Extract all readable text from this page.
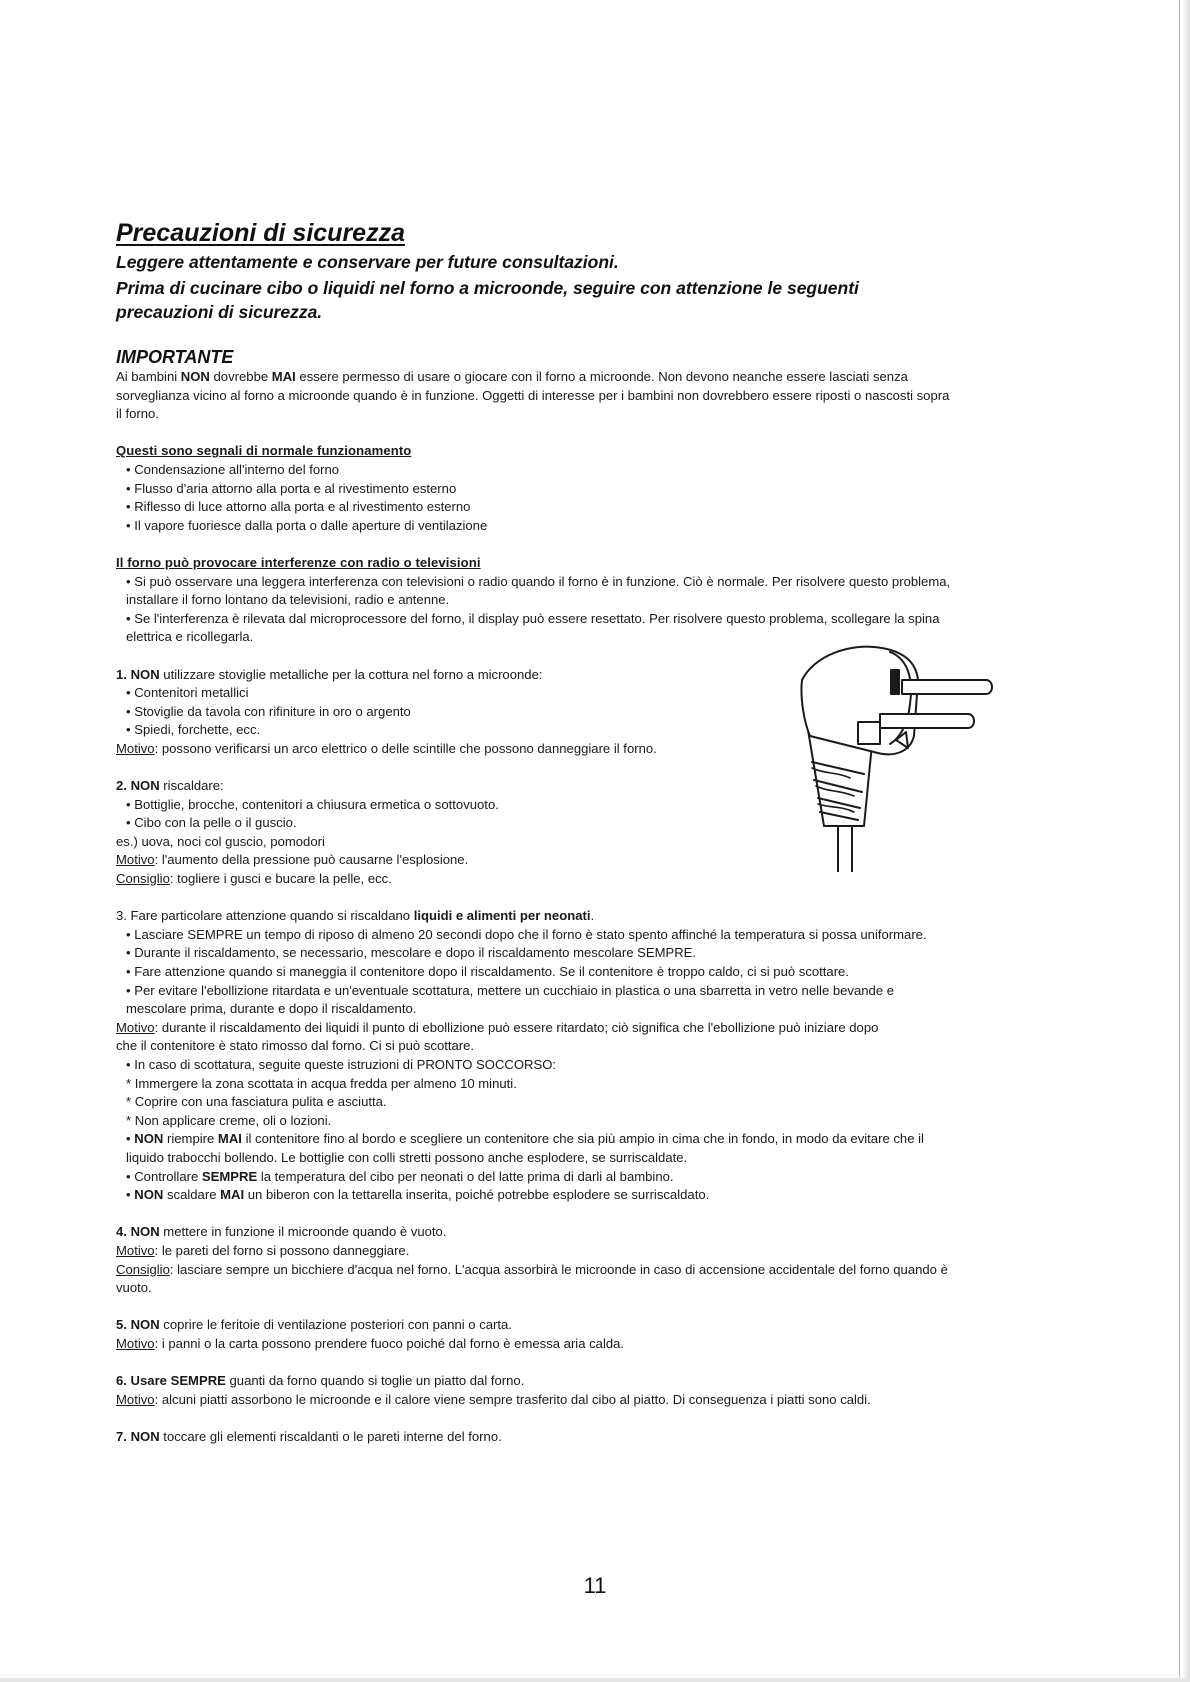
Precauzioni di sicurezza

Leggere attentamente e conservare per future consultazioni.

Prima di cucinare cibo o liquidi nel forno a microonde, seguire con attenzione le seguenti precauzioni di sicurezza.

IMPORTANTE

Ai bambini NON dovrebbe MAI essere permesso di usare o giocare con il forno a microonde. Non devono neanche essere lasciati senza sorveglianza vicino al forno a microonde quando è in funzione. Oggetti di interesse per i bambini non dovrebbero essere riposti o nascosti sopra il forno.

Questi sono segnali di normale funzionamento

• Condensazione all'interno del forno

• Flusso d'aria attorno alla porta e al rivestimento esterno

• Riflesso di luce attorno alla porta e al rivestimento esterno

• Il vapore fuoriesce dalla porta o dalle aperture di ventilazione

Il forno può provocare interferenze con radio o televisioni

• Si può osservare una leggera interferenza con televisioni o radio quando il forno è in funzione. Ciò è normale. Per risolvere questo problema, installare il forno lontano da televisioni, radio e antenne.

• Se l'interferenza è rilevata dal microprocessore del forno, il display può essere resettato. Per risolvere questo problema, scollegare la spina elettrica e ricollegarla.

1. NON utilizzare stoviglie metalliche per la cottura nel forno a microonde:

• Contenitori metallici

• Stoviglie da tavola con rifiniture in oro o argento

• Spiedi, forchette, ecc.

Motivo: possono verificarsi un arco elettrico o delle scintille che possono danneggiare il forno.

2. NON riscaldare:

• Bottiglie, brocche, contenitori a chiusura ermetica o sottovuoto.

• Cibo con la pelle o il guscio.

es.) uova, noci col guscio, pomodori

Motivo: l'aumento della pressione può causarne l'esplosione.

Consiglio: togliere i gusci e bucare la pelle, ecc.

3. Fare particolare attenzione quando si riscaldano liquidi e alimenti per neonati.

• Lasciare SEMPRE un tempo di riposo di almeno 20 secondi dopo che il forno è stato spento affinché la temperatura si possa uniformare.

• Durante il riscaldamento, se necessario, mescolare e dopo il riscaldamento mescolare SEMPRE.

• Fare attenzione quando si maneggia il contenitore dopo il riscaldamento. Se il contenitore è troppo caldo, ci si può scottare.

• Per evitare l'ebollizione ritardata e un'eventuale scottatura, mettere un cucchiaio in plastica o una sbarretta in vetro nelle bevande e mescolare prima, durante e dopo il riscaldamento.

Motivo: durante il riscaldamento dei liquidi il punto di ebollizione può essere ritardato; ciò significa che l'ebollizione può iniziare dopo

che il contenitore è stato rimosso dal forno. Ci si può scottare.

• In caso di scottatura, seguite queste istruzioni di PRONTO SOCCORSO:

* Immergere la zona scottata in acqua fredda per almeno 10 minuti.

* Coprire con una fasciatura pulita e asciutta.

* Non applicare creme, oli o lozioni.

• NON riempire MAI il contenitore fino al bordo e scegliere un contenitore che sia più ampio in cima che in fondo, in modo da evitare che il liquido trabocchi bollendo. Le bottiglie con colli stretti possono anche esplodere, se surriscaldate.

• Controllare SEMPRE la temperatura del cibo per neonati o del latte prima di darli al bambino.

• NON scaldare MAI un biberon con la tettarella inserita, poiché potrebbe esplodere se surriscaldato.

4. NON mettere in funzione il microonde quando è vuoto.

Motivo: le pareti del forno si possono danneggiare.

Consiglio: lasciare sempre un bicchiere d'acqua nel forno. L'acqua assorbirà le microonde in caso di accensione accidentale del forno quando è vuoto.

5. NON coprire le feritoie di ventilazione posteriori con panni o carta.

Motivo: i panni o la carta possono prendere fuoco poiché dal forno è emessa aria calda.

6. Usare SEMPRE guanti da forno quando si toglie un piatto dal forno.

Motivo: alcuni piatti assorbono le microonde e il calore viene sempre trasferito dal cibo al piatto. Di conseguenza i piatti sono caldi.

7. NON toccare gli elementi riscaldanti o le pareti interne del forno.

11
